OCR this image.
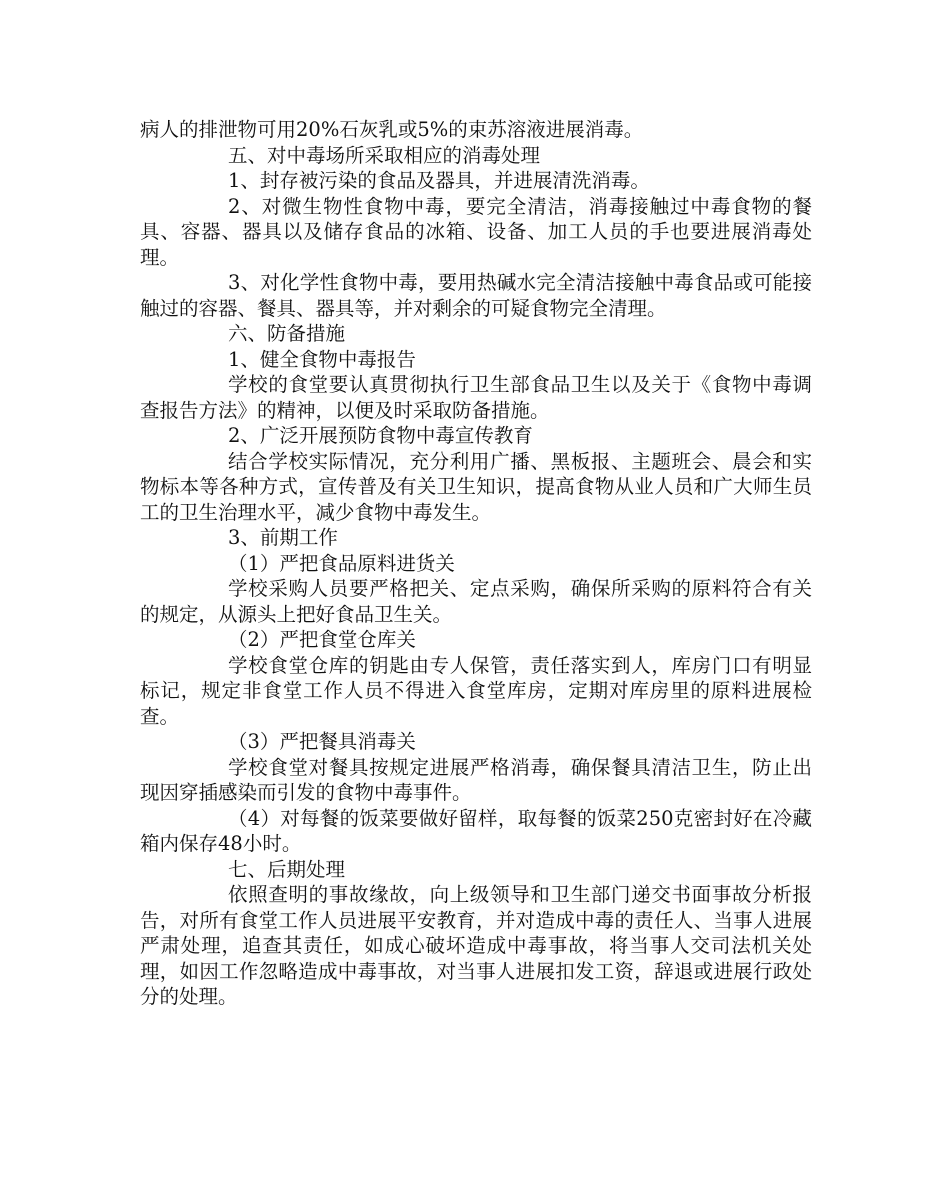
病人的排泄物可用20%石灰乳或5%的束苏溶液进展消毒。

五、对中毒场所采取相应的消毒处理

1、封存被污染的食品及器具，并进展清洗消毒。

2、对微生物性食物中毒，要完全清洁，消毒接触过中毒食物的餐具、容器、器具以及储存食品的冰箱、设备、加工人员的手也要进展消毒处理。

3、对化学性食物中毒，要用热碱水完全清洁接触中毒食品或可能接触过的容器、餐具、器具等，并对剩余的可疑食物完全清理。

六、防备措施

1、健全食物中毒报告

学校的食堂要认真贯彻执行卫生部食品卫生以及关于《食物中毒调查报告方法》的精神，以便及时采取防备措施。

2、广泛开展预防食物中毒宣传教育

结合学校实际情况，充分利用广播、黑板报、主题班会、晨会和实物标本等各种方式，宣传普及有关卫生知识，提高食物从业人员和广大师生员工的卫生治理水平，减少食物中毒发生。

3、前期工作

（1）严把食品原料进货关

学校采购人员要严格把关、定点采购，确保所采购的原料符合有关的规定，从源头上把好食品卫生关。

（2）严把食堂仓库关

学校食堂仓库的钥匙由专人保管，责任落实到人，库房门口有明显标记，规定非食堂工作人员不得进入食堂库房，定期对库房里的原料进展检查。

（3）严把餐具消毒关

学校食堂对餐具按规定进展严格消毒，确保餐具清洁卫生，防止出现因穿插感染而引发的食物中毒事件。

（4）对每餐的饭菜要做好留样，取每餐的饭菜250克密封好在冷藏箱内保存48小时。

七、后期处理

依照查明的事故缘故，向上级领导和卫生部门递交书面事故分析报告，对所有食堂工作人员进展平安教育，并对造成中毒的责任人、当事人进展严肃处理，追查其责任，如成心破坏造成中毒事故，将当事人交司法机关处理，如因工作忽略造成中毒事故，对当事人进展扣发工资，辞退或进展行政处分的处理。
